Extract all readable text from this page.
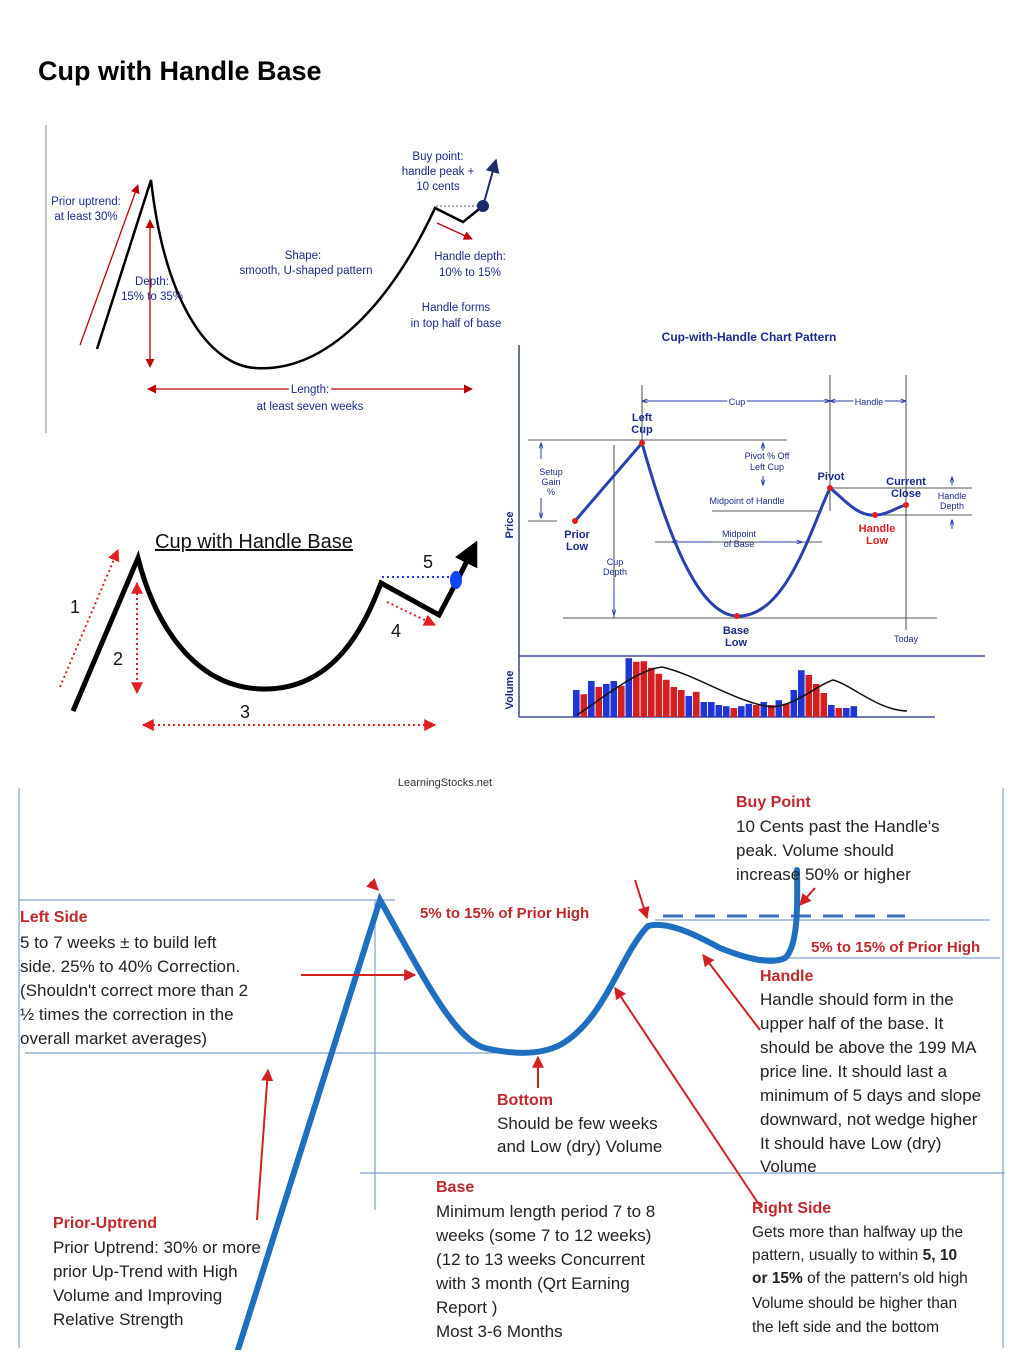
Cup with Handle Base
Prior uptrend:
at least 30%
Depth:
15% to 35%
Shape:
smooth, U-shaped pattern
Buy point:
handle peak +
10 cents
Handle depth:
10% to 15%
Handle forms
in top half of base
Length:
at least seven weeks
Cup with Handle Base
1
2
3
4
5
Cup-with-Handle Chart Pattern
Price
Volume
Cup	Handle
Pivot % Off
Left Cup
Setup
Gain
%
Midpoint of Handle
Midpoint
of Base
Cup
Depth
Handle
Depth
Today
Left
Cup
Pivot	Current
Close
Prior
Low
Base
Low
Handle
Low
LearningStocks.net
Left Side
5 to 7 weeks ± to build left
side. 25% to 40% Correction.
(Shouldn't correct more than 2
½ times the correction in the
overall market averages)
Buy Point
10 Cents past the Handle's
peak. Volume should
increase 50% or higher
5% to 15% of Prior High
5% to 15% of Prior High
Handle
Handle should form in the
upper half of the base. It
should be above the 199 MA
price line. It should last a
minimum of 5 days and slope
downward, not wedge higher
It should have Low (dry)
Volume
Bottom
Should be few weeks
and Low (dry) Volume
Base
Minimum length period 7 to 8
weeks (some 7 to 12 weeks)
(12 to 13 weeks Concurrent
with 3 month (Qrt Earning
Report )
Most 3-6 Months
Right Side
Gets more than halfway up the
pattern, usually to within 5, 10
or 15% of the pattern's old high
Volume should be higher than
the left side and the bottom
Prior-Uptrend
Prior Uptrend: 30% or more
prior Up-Trend with High
Volume and Improving
Relative Strength
